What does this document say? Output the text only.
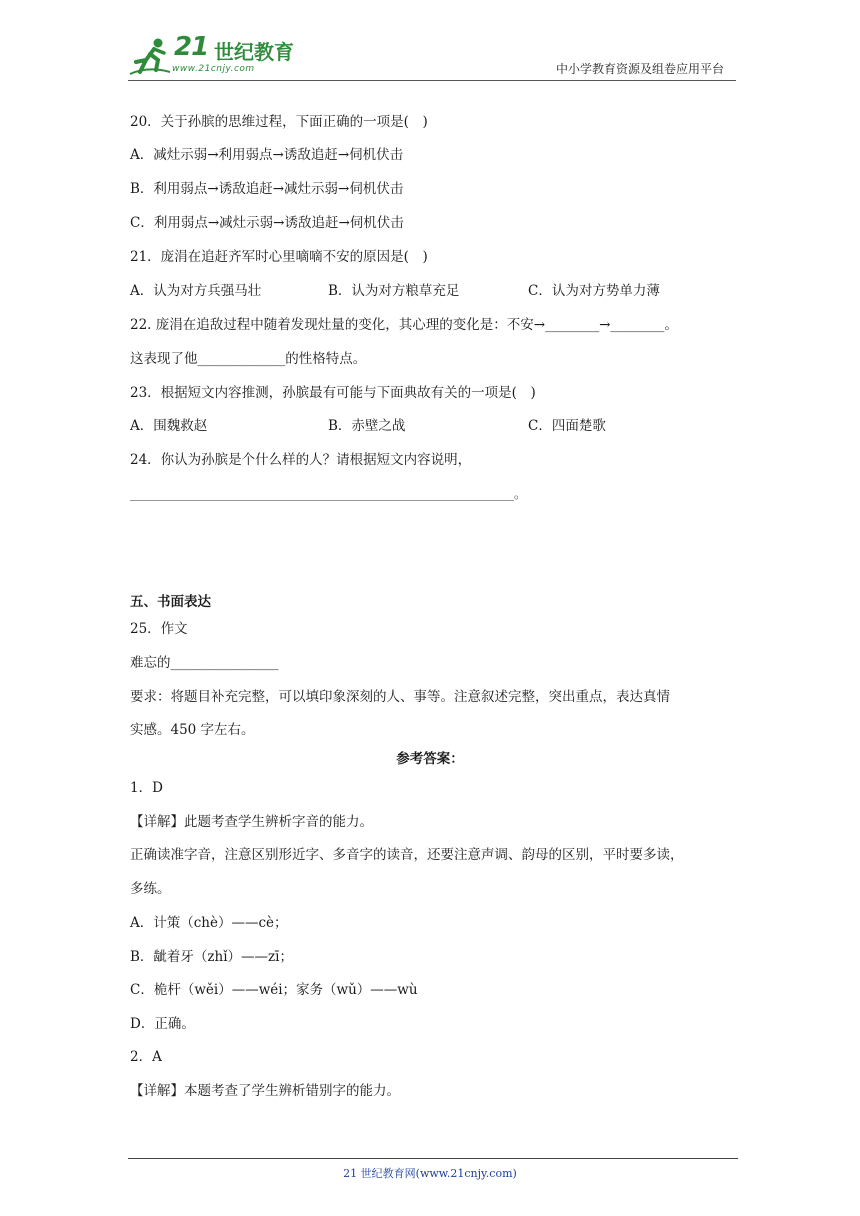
21 世纪教育
www.21cnjy.com	中小学教育资源及组卷应用平台
20．关于孙膑的思维过程，下面正确的一项是(　)
A．减灶示弱→利用弱点→诱敌追赶→伺机伏击
B．利用弱点→诱敌追赶→减灶示弱→伺机伏击
C．利用弱点→减灶示弱→诱敌追赶→伺机伏击
21．庞涓在追赶齐军时心里嘀嘀不安的原因是(　)
A．认为对方兵强马壮	B．认为对方粮草充足	C．认为对方势单力薄
22. 庞涓在追敌过程中随着发现灶量的变化，其心理的变化是：不安→________→________。
这表现了他_____________的性格特点。
23．根据短文内容推测，孙膑最有可能与下面典故有关的一项是(　)
A．围魏救赵	B．赤壁之战	C．四面楚歌
24．你认为孙膑是个什么样的人？请根据短文内容说明，
________________________________________________________________。
五、书面表达
25．作文
难忘的________________
要求：将题目补充完整，可以填印象深刻的人、事等。注意叙述完整，突出重点，表达真情
实感。450 字左右。
参考答案：
1．D
【详解】此题考查学生辨析字音的能力。
正确读准字音，注意区别形近字、多音字的读音，还要注意声调、韵母的区别，平时要多读，
多练。
A．计策（chè）——cè；
B．龇着牙（zhǐ）——zī；
C．桅杆（wěi）——wéi；家务（wǔ）——wù
D．正确。
2．A
【详解】本题考查了学生辨析错别字的能力。
21 世纪教育网(www.21cnjy.com)
